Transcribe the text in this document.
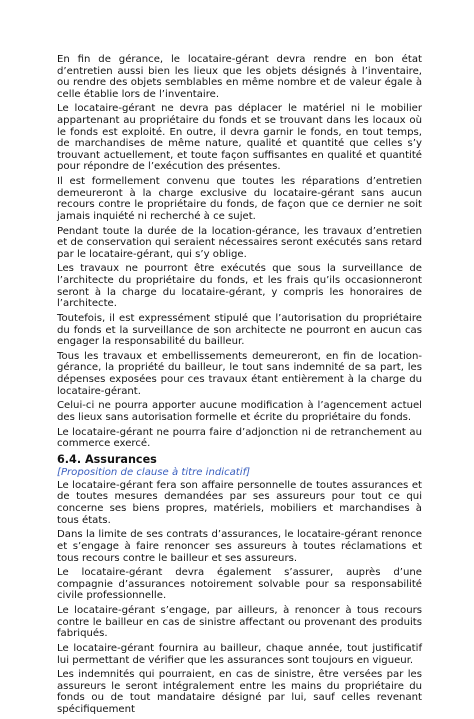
En fin de gérance, le locataire-gérant devra rendre en bon état d’entretien aussi bien les lieux que les objets désignés à l’inventaire, ou rendre des objets semblables en même nombre et de valeur égale à celle établie lors de l’inventaire.

Le locataire-gérant ne devra pas déplacer le matériel ni le mobilier appartenant au propriétaire du fonds et se trouvant dans les locaux où le fonds est exploité. En outre, il devra garnir le fonds, en tout temps, de marchandises de même nature, qualité et quantité que celles s’y trouvant actuellement, et toute façon suffisantes en qualité et quantité pour répondre de l’exécution des présentes.

Il est formellement convenu que toutes les réparations d’entretien demeureront à la charge exclusive du locataire-gérant sans aucun recours contre le propriétaire du fonds, de façon que ce dernier ne soit jamais inquiété ni recherché à ce sujet.

Pendant toute la durée de la location-gérance, les travaux d’entretien et de conservation qui seraient nécessaires seront exécutés sans retard par le locataire-gérant, qui s’y oblige.

Les travaux ne pourront être exécutés que sous la surveillance de l’architecte du propriétaire du fonds, et les frais qu’ils occasionneront seront à la charge du locataire-gérant, y compris les honoraires de l’architecte.

Toutefois, il est expressément stipulé que l’autorisation du propriétaire du fonds et la surveillance de son architecte ne pourront en aucun cas engager la responsabilité du bailleur.

Tous les travaux et embellissements demeureront, en fin de location-gérance, la propriété du bailleur, le tout sans indemnité de sa part, les dépenses exposées pour ces travaux étant entièrement à la charge du locataire-gérant.

Celui-ci ne pourra apporter aucune modification à l’agencement actuel des lieux sans autorisation formelle et écrite du propriétaire du fonds.

Le locataire-gérant ne pourra faire d’adjonction ni de retranchement au commerce exercé.

6.4. Assurances

[Proposition de clause à titre indicatif]

Le locataire-gérant fera son affaire personnelle de toutes assurances et de toutes mesures demandées par ses assureurs pour tout ce qui concerne ses biens propres, matériels, mobiliers et marchandises à tous états.

Dans la limite de ses contrats d’assurances, le locataire-gérant renonce et s’engage à faire renoncer ses assureurs à toutes réclamations et tous recours contre le bailleur et ses assureurs.

Le locataire-gérant devra également s’assurer, auprès d’une compagnie d’assurances notoirement solvable pour sa responsabilité civile professionnelle.

Le locataire-gérant s’engage, par ailleurs, à renoncer à tous recours contre le bailleur en cas de sinistre affectant ou provenant des produits fabriqués.

Le locataire-gérant fournira au bailleur, chaque année, tout justificatif lui permettant de vérifier que les assurances sont toujours en vigueur.

Les indemnités qui pourraient, en cas de sinistre, être versées par les assureurs le seront intégralement entre les mains du propriétaire du fonds ou de tout mandataire désigné par lui, sauf celles revenant spécifiquement
